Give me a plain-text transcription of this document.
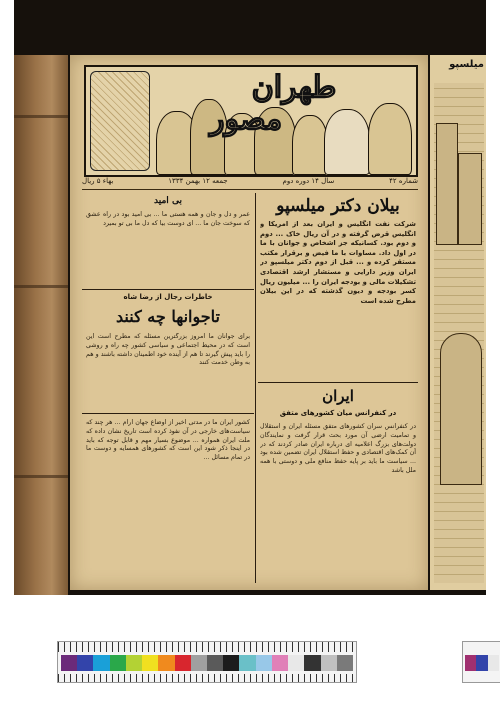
طهران
مصور
شماره ۴۲
سال ۱۴ دوره دوم
جمعه ۱۲ بهمن ۱۳۳۴
بهاء ۵ ریال
بیلان دکتر میلسپو
شرکت نفت انگلیس و ایران بعد از امریکا و انگلیس قرض گرفته و در آن ریال خاک ... دوم و دوم بود. کسانیکه جز اشخاص و جوانان با ما در اول داد. مساوات با ما فیض و برقرار مکتب مستقر کرده و ... قبل از دوم دکتر میلسپو در ایران وزیر دارایی و مستشار ارشد اقتصادی تشکیلات مالی و بودجه ایران را ... میلیون ریال کسر بودجه و دیون گذشته که در این بیلان مطرح شده است
بی امید
عمر و دل و جان و همه هستی ما ... بی امید بود در راه عشق که سوخت جان ما ... ای دوست بیا که دل ما بی تو بمیرد
خاطرات رجال از رضا شاه
تاجوانها چه کنند
برای جوانان ما امروز بزرگترین مسئله که مطرح است این است که در محیط اجتماعی و سیاسی کشور چه راه و روشی را باید پیش گیرند تا هم از آینده خود اطمینان داشته باشند و هم به وطن خدمت کنند
کشور ایران ما در مدتی اخیر از اوضاع جهان آرام ... هر چند که سیاست‌های خارجی در آن نفوذ کرده است تاریخ نشان داده که ملت ایران همواره ... موضوع بسیار مهم و قابل توجه که باید در اینجا ذکر شود این است که کشورهای همسایه و دوست ما در تمام مسائل ...
ایران
در کنفرانس میان کشورهای متفق
در کنفرانس سران کشورهای متفق مسئله ایران و استقلال و تمامیت ارضی آن مورد بحث قرار گرفت و نمایندگان دولت‌های بزرگ اعلامیه ای درباره ایران صادر کردند که در آن کمک‌های اقتصادی و حفظ استقلال ایران تضمین شده بود ... سیاست ما باید بر پایه حفظ منافع ملی و دوستی با همه ملل باشد
میلسپو
